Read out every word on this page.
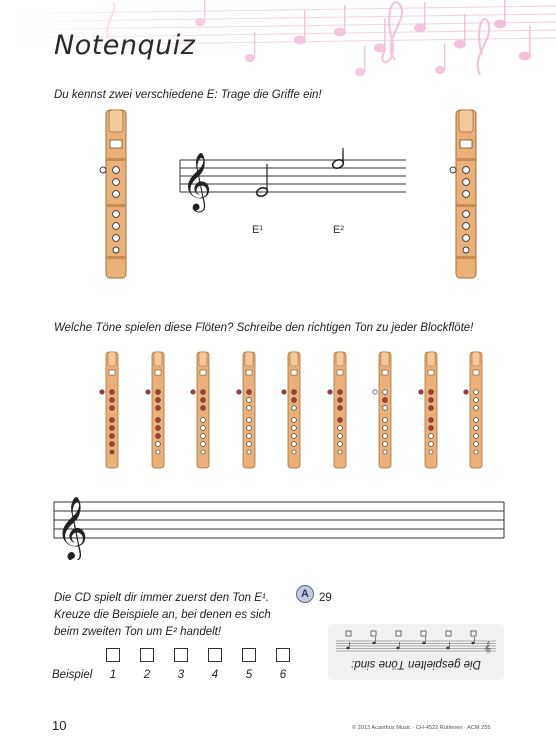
Notenquiz
Du kennst zwei verschiedene E: Trage die Griffe ein!
𝄞
E¹	E²
Welche Töne spielen diese Flöten? Schreibe den richtigen Ton zu jeder Blockflöte!
𝄞
Die CD spielt dir immer zuerst den Ton E¹.
Kreuze die Beispiele an, bei denen es sich
beim zweiten Ton um E² handelt!
A 29
𝄞
Die gespielten Töne sind:
Beispiel	1	2	3	4	5	6
10	© 2013 Acanthus Music · CH-4522 Rüttenen · ACM 255
